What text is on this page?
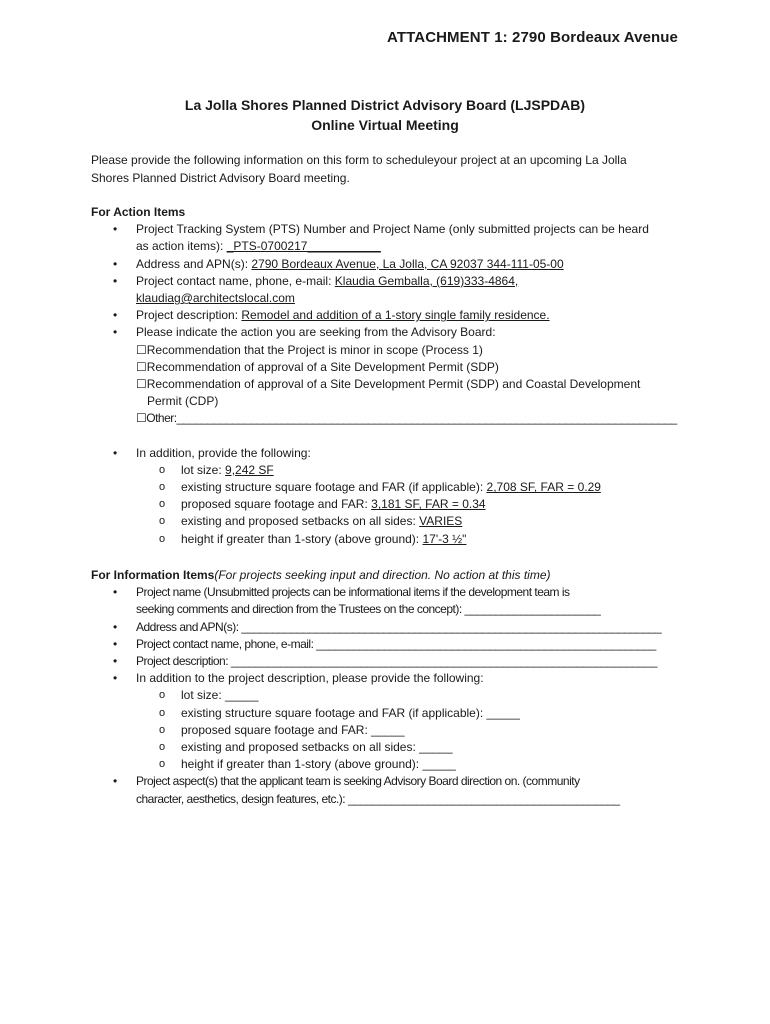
ATTACHMENT 1: 2790 Bordeaux Avenue
La Jolla Shores Planned District Advisory Board (LJSPDAB)
Online Virtual Meeting
Please provide the following information on this form to scheduleyour project at an upcoming La Jolla
Shores Planned District Advisory Board meeting.
For Action Items
• Project Tracking System (PTS) Number and Project Name (only submitted projects can be heard
as action items): _PTS-0700217___________
• Address and APN(s): 2790 Bordeaux Avenue, La Jolla, CA 92037 344-111-05-00
• Project contact name, phone, e-mail: Klaudia Gemballa, (619)333-4864,
klaudiag@architectslocal.com
• Project description: Remodel and addition of a 1-story single family residence.
• Please indicate the action you are seeking from the Advisory Board:
☐Recommendation that the Project is minor in scope (Process 1)
☐Recommendation of approval of a Site Development Permit (SDP)
☐Recommendation of approval of a Site Development Permit (SDP) and Coastal Development
Permit (CDP)
☐Other:_________________________________________________________________________________
• In addition, provide the following:
o lot size: 9,242 SF
o existing structure square footage and FAR (if applicable): 2,708 SF, FAR = 0.29
o proposed square footage and FAR: 3,181 SF, FAR = 0.34
o existing and proposed setbacks on all sides: VARIES
o height if greater than 1-story (above ground): 17'-3 ½"
For Information Items(For projects seeking input and direction. No action at this time)
• Project name (Unsubmitted projects can be informational items if the development team is
seeking comments and direction from the Trustees on the concept): ______________________
• Address and APN(s): ____________________________________________________________________
• Project contact name, phone, e-mail: _______________________________________________________
• Project description: _____________________________________________________________________
• In addition to the project description, please provide the following:
o lot size: _____
o existing structure square footage and FAR (if applicable): _____
o proposed square footage and FAR: _____
o existing and proposed setbacks on all sides: _____
o height if greater than 1-story (above ground): _____
• Project aspect(s) that the applicant team is seeking Advisory Board direction on. (community
character, aesthetics, design features, etc.): ____________________________________________
